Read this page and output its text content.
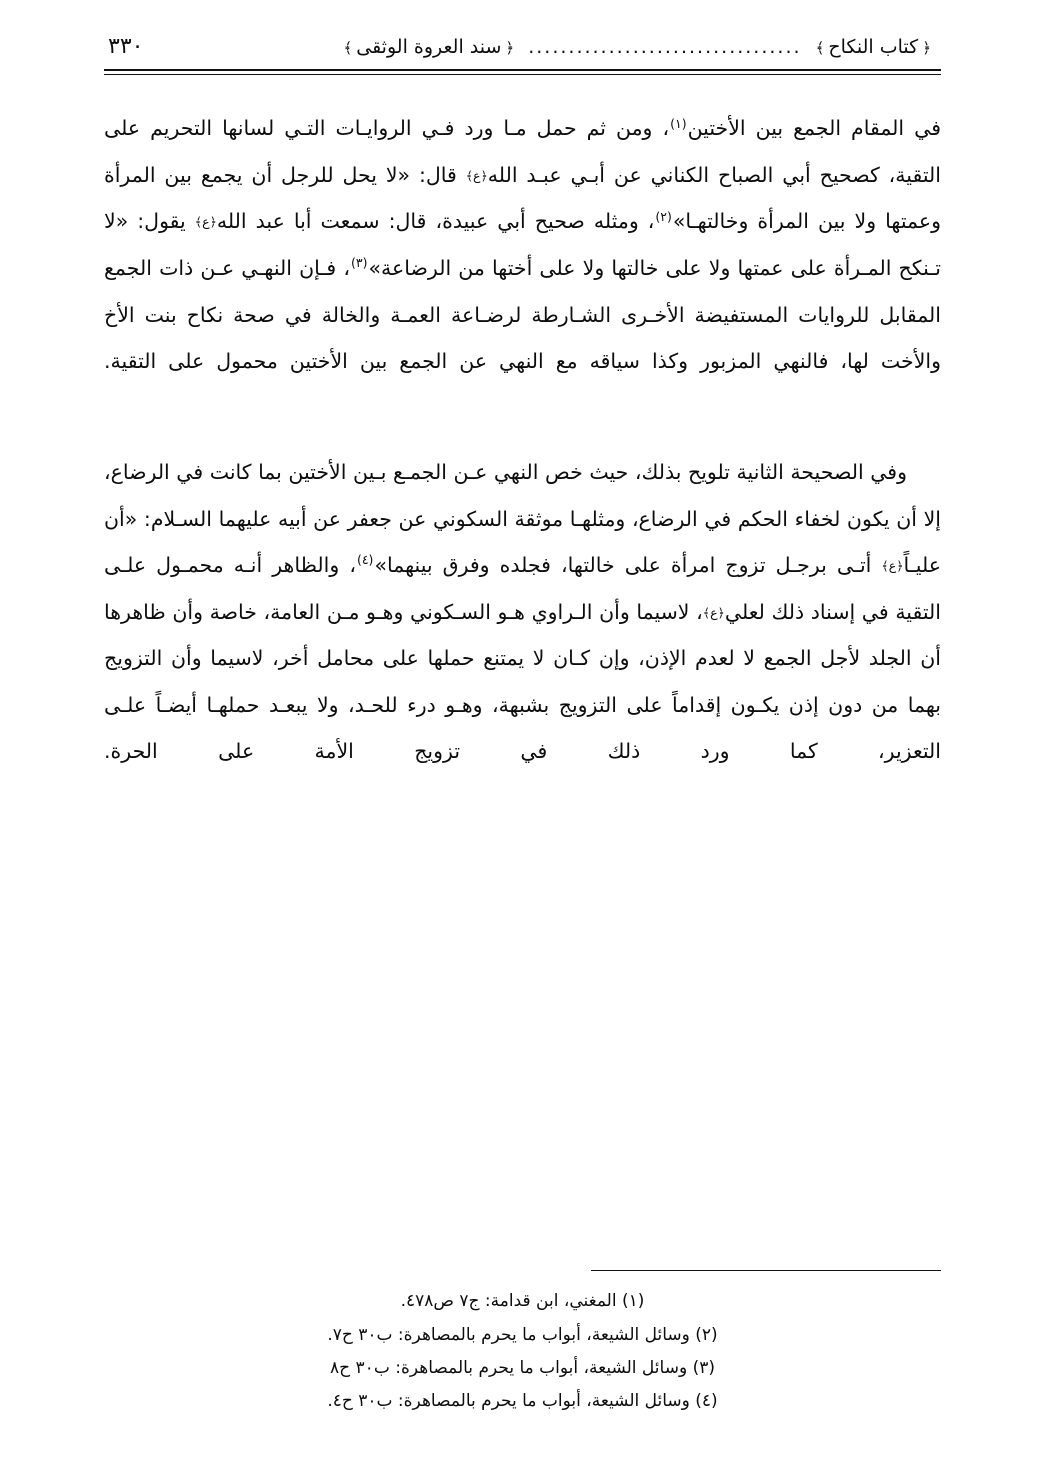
﴿
كتاب النكاح
﴾
..................................
﴿
سند العروة الوثقى
﴾
٣٣٠

في المقام الجمع بين الأختين$^{(١)}$، ومن ثم حمل مـا ورد فـي الروايـات التـي لسانها التحريم على التقية، كصحيح أبي الصباح الكناني عن أبـي عبـد الله﴿ع﴾ قال: «لا يحل للرجل أن يجمع بين المرأة وعمتها ولا بين المرأة وخالتهـا»$^{(٢)}$، ومثله صحيح أبي عبيدة، قال: سمعت أبا عبد الله﴿ع﴾ يقول: «لا تـنكح المـرأة على عمتها ولا على خالتها ولا على أختها من الرضاعة»$^{(٣)}$، فـإن النهـي عـن ذات الجمع المقابل للروايات المستفيضة الأخـرى الشـارطة لرضـاعة العمـة والخالة في صحة نكاح بنت الأخ والأخت لها، فالنهي المزبور وكذا سياقه مع النهي عن الجمع بين الأختين محمول على التقية.

وفي الصحيحة الثانية تلويح بذلك، حيث خص النهي عـن الجمـع بـين الأختين بما كانت في الرضاع، إلا أن يكون لخفاء الحكم في الرضاع، ومثلهـا موثقة السكوني عن جعفر عن أبيه عليهما السـلام: «أن عليـاً﴿ع﴾ أتـى برجـل تزوج امرأة على خالتها، فجلده وفرق بينهما»$^{(٤)}$، والظاهر أنـه محمـول علـى التقية في إسناد ذلك لعلي﴿ع﴾، لاسيما وأن الـراوي هـو السـكوني وهـو مـن العامة، خاصة وأن ظاهرها أن الجلد لأجل الجمع لا لعدم الإذن، وإن كـان لا يمتنع حملها على محامل أخر، لاسيما وأن التزويج بهما من دون إذن يكـون إقداماً على التزويج بشبهة، وهـو درء للحـد، ولا يبعـد حملهـا أيضـاً علـى التعزير، كما ورد ذلك في تزويج الأمة على الحرة.

(١) المغني، ابن قدامة: ج٧ ص٤٧٨.
(٢) وسائل الشيعة، أبواب ما يحرم بالمصاهرة: ب٣٠ ح٧.
(٣) وسائل الشيعة، أبواب ما يحرم بالمصاهرة: ب٣٠ ح٨
(٤) وسائل الشيعة، أبواب ما يحرم بالمصاهرة: ب٣٠ ح٤.
